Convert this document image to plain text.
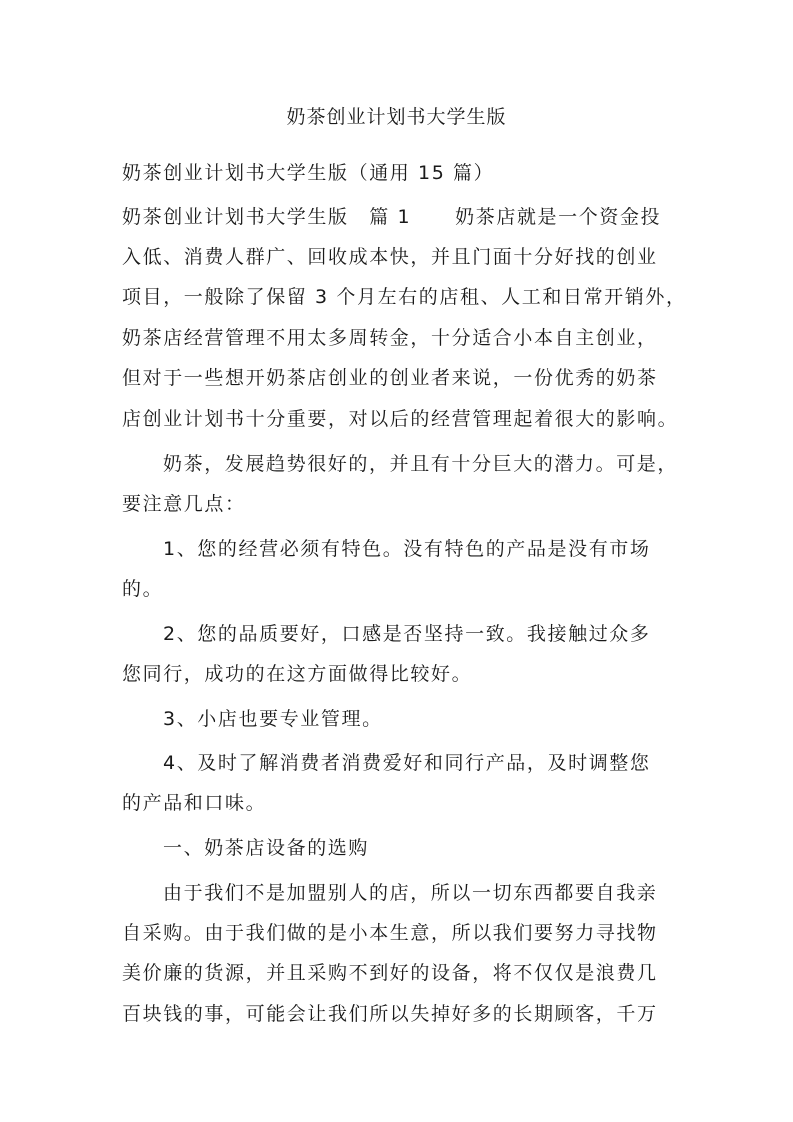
奶茶创业计划书大学生版
奶茶创业计划书大学生版（通用 15 篇）
奶茶创业计划书大学生版　篇 1 奶茶店就是一个资金投
入低、消费人群广、回收成本快，并且门面十分好找的创业
项目，一般除了保留 3 个月左右的店租、人工和日常开销外，
奶茶店经营管理不用太多周转金，十分适合小本自主创业，
但对于一些想开奶茶店创业的创业者来说，一份优秀的奶茶
店创业计划书十分重要，对以后的经营管理起着很大的影响。
奶茶，发展趋势很好的，并且有十分巨大的潜力。可是，
要注意几点：
1、您的经营必须有特色。没有特色的产品是没有市场
的。
2、您的品质要好，口感是否坚持一致。我接触过众多
您同行，成功的在这方面做得比较好。
3、小店也要专业管理。
4、及时了解消费者消费爱好和同行产品，及时调整您
的产品和口味。
一、奶茶店设备的选购
由于我们不是加盟别人的店，所以一切东西都要自我亲
自采购。由于我们做的是小本生意，所以我们要努力寻找物
美价廉的货源，并且采购不到好的设备，将不仅仅是浪费几
百块钱的事，可能会让我们所以失掉好多的长期顾客，千万
